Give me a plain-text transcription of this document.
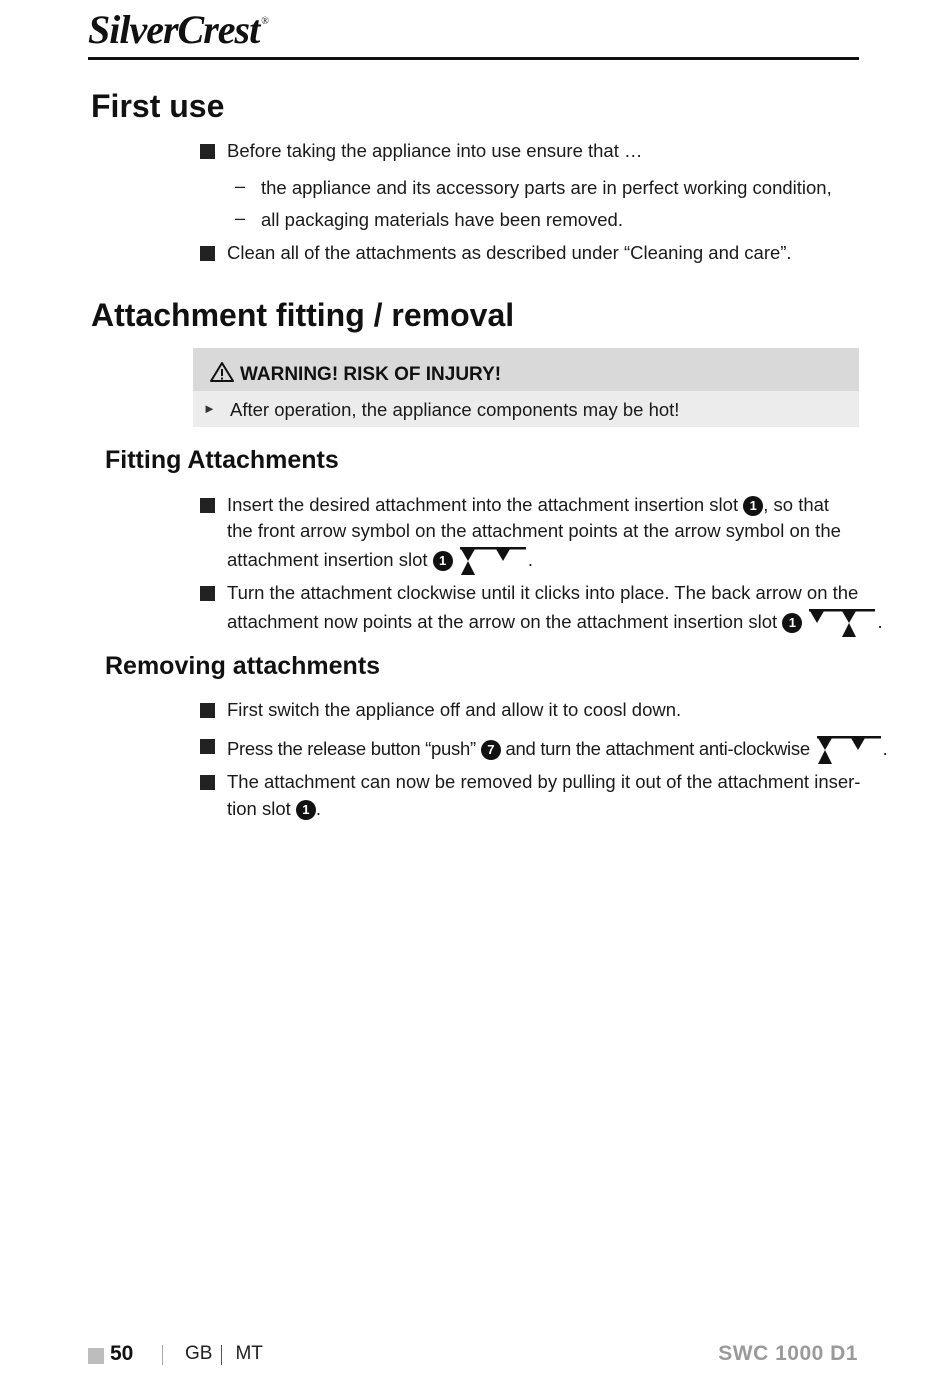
SilverCrest ®
First use
Before taking the appliance into use ensure that …
– the appliance and its accessory parts are in perfect working condition,
– all packaging materials have been removed.
Clean all of the attachments as described under “Cleaning and care”.
Attachment fitting / removal
WARNING! RISK OF INJURY!
► After operation, the appliance components may be hot!
Fitting Attachments
Insert the desired attachment into the attachment insertion slot 1 , so that
the front arrow symbol on the attachment points at the arrow symbol on the
attachment insertion slot 1	.
Turn the attachment clockwise until it clicks into place. The back arrow on the
attachment now points at the arrow on the attachment insertion slot 1	.
Removing attachments
First switch the appliance off and allow it to coosl down.
Press the release button “push” 7 and turn the attachment anti-clockwise	.
The attachment can now be removed by pulling it out of the attachment inser-
tion slot 1 .
50	GB MT	SWC 1000 D1
